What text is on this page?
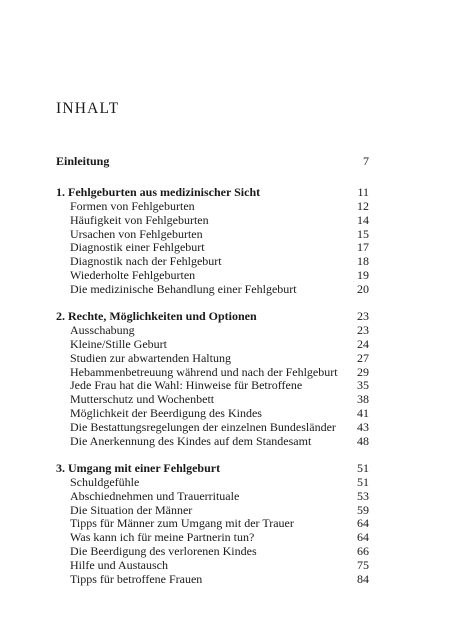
INHALT
Einleitung	7
1. Fehlgeburten aus medizinischer Sicht	11
Formen von Fehlgeburten	12
Häufigkeit von Fehlgeburten	14
Ursachen von Fehlgeburten	15
Diagnostik einer Fehlgeburt	17
Diagnostik nach der Fehlgeburt	18
Wiederholte Fehlgeburten	19
Die medizinische Behandlung einer Fehlgeburt	20
2. Rechte, Möglichkeiten und Optionen	23
Ausschabung	23
Kleine/Stille Geburt	24
Studien zur abwartenden Haltung	27
Hebammenbetreuung während und nach der Fehlgeburt 29
Jede Frau hat die Wahl: Hinweise für Betroffene	35
Mutterschutz und Wochenbett	38
Möglichkeit der Beerdigung des Kindes	41
Die Bestattungsregelungen der einzelnen Bundesländer 43
Die Anerkennung des Kindes auf dem Standesamt	48
3. Umgang mit einer Fehlgeburt	51
Schuldgefühle	51
Abschiednehmen und Trauerrituale	53
Die Situation der Männer	59
Tipps für Männer zum Umgang mit der Trauer	64
Was kann ich für meine Partnerin tun?	64
Die Beerdigung des verlorenen Kindes	66
Hilfe und Austausch	75
Tipps für betroffene Frauen	84
